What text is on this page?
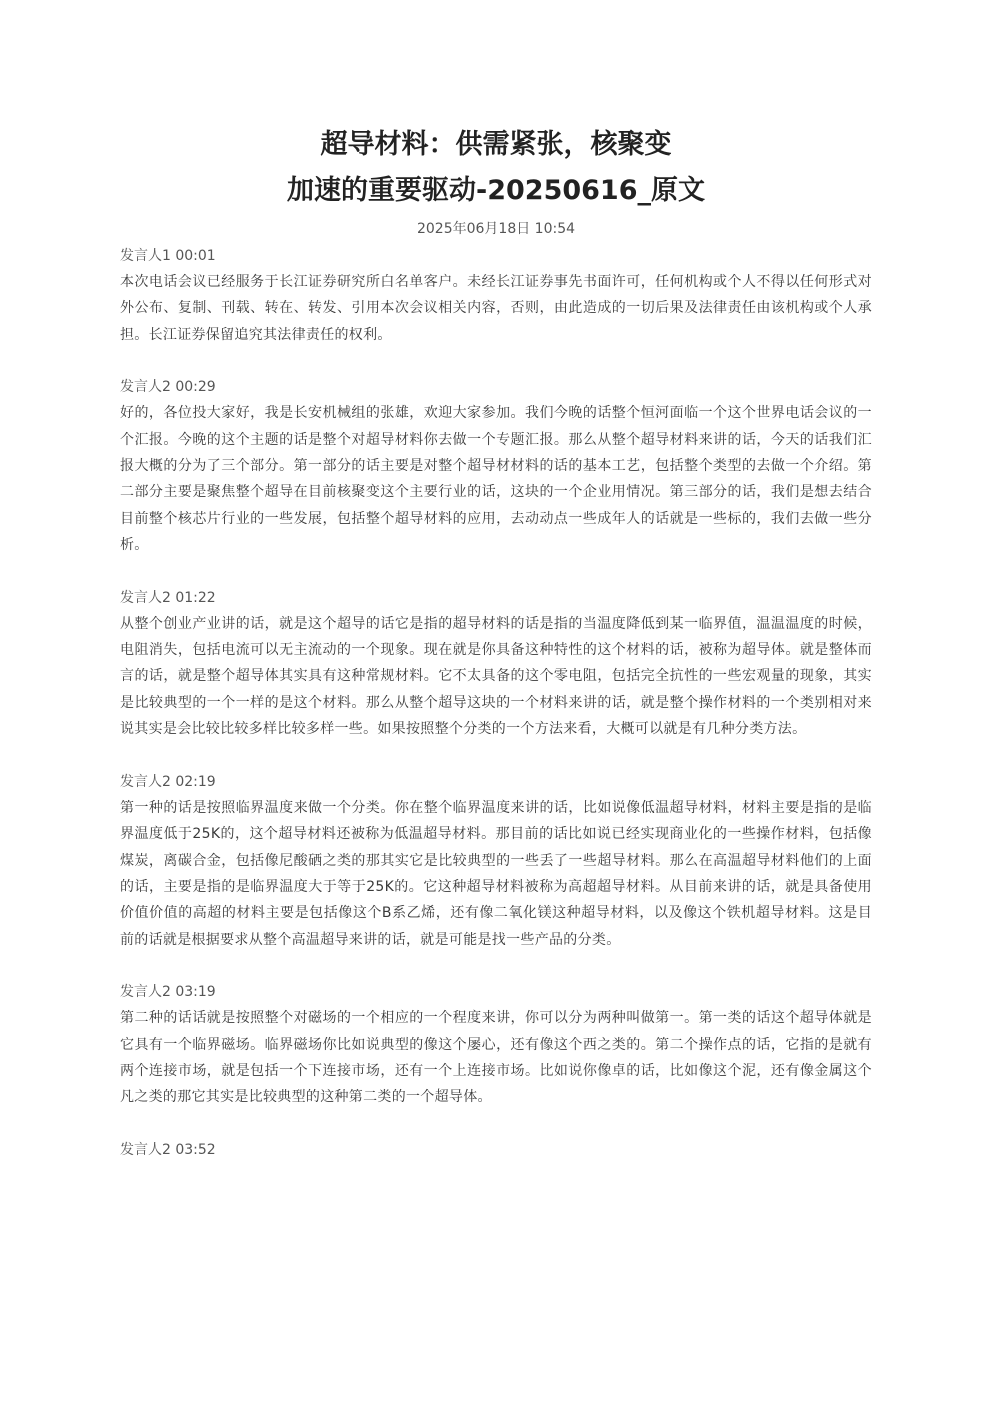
超导材料：供需紧张，核聚变
加速的重要驱动-20250616_原文
2025年06月18日 10:54
发言人1 00:01
本次电话会议已经服务于长江证券研究所白名单客户。未经长江证券事先书面许可，任何机构或个人不得以任何形式对外公布、复制、刊载、转在、转发、引用本次会议相关内容，否则，由此造成的一切后果及法律责任由该机构或个人承担。长江证券保留追究其法律责任的权利。
发言人2 00:29
好的，各位投大家好，我是长安机械组的张雄，欢迎大家参加。我们今晚的话整个恒河面临一个这个世界电话会议的一个汇报。今晚的这个主题的话是整个对超导材料你去做一个专题汇报。那么从整个超导材料来讲的话，今天的话我们汇报大概的分为了三个部分。第一部分的话主要是对整个超导材材料的话的基本工艺，包括整个类型的去做一个介绍。第二部分主要是聚焦整个超导在目前核聚变这个主要行业的话，这块的一个企业用情况。第三部分的话，我们是想去结合目前整个核芯片行业的一些发展，包括整个超导材料的应用，去动动点一些成年人的话就是一些标的，我们去做一些分析。
发言人2 01:22
从整个创业产业讲的话，就是这个超导的话它是指的超导材料的话是指的当温度降低到某一临界值，温温温度的时候，电阻消失，包括电流可以无主流动的一个现象。现在就是你具备这种特性的这个材料的话，被称为超导体。就是整体而言的话，就是整个超导体其实具有这种常规材料。它不太具备的这个零电阻，包括完全抗性的一些宏观量的现象，其实是比较典型的一个一样的是这个材料。那么从整个超导这块的一个材料来讲的话，就是整个操作材料的一个类别相对来说其实是会比较比较多样比较多样一些。如果按照整个分类的一个方法来看，大概可以就是有几种分类方法。
发言人2 02:19
第一种的话是按照临界温度来做一个分类。你在整个临界温度来讲的话，比如说像低温超导材料，材料主要是指的是临界温度低于25K的，这个超导材料还被称为低温超导材料。那目前的话比如说已经实现商业化的一些操作材料，包括像煤炭，离碳合金，包括像尼酸硒之类的那其实它是比较典型的一些丢了一些超导材料。那么在高温超导材料他们的上面的话，主要是指的是临界温度大于等于25K的。它这种超导材料被称为高超超导材料。从目前来讲的话，就是具备使用价值价值的高超的材料主要是包括像这个B系乙烯，还有像二氧化镁这种超导材料，以及像这个铁机超导材料。这是目前的话就是根据要求从整个高温超导来讲的话，就是可能是找一些产品的分类。
发言人2 03:19
第二种的话话就是按照整个对磁场的一个相应的一个程度来讲，你可以分为两种叫做第一。第一类的话这个超导体就是它具有一个临界磁场。临界磁场你比如说典型的像这个屡心，还有像这个西之类的。第二个操作点的话，它指的是就有两个连接市场，就是包括一个下连接市场，还有一个上连接市场。比如说你像卓的话，比如像这个泥，还有像金属这个凡之类的那它其实是比较典型的这种第二类的一个超导体。
发言人2 03:52
